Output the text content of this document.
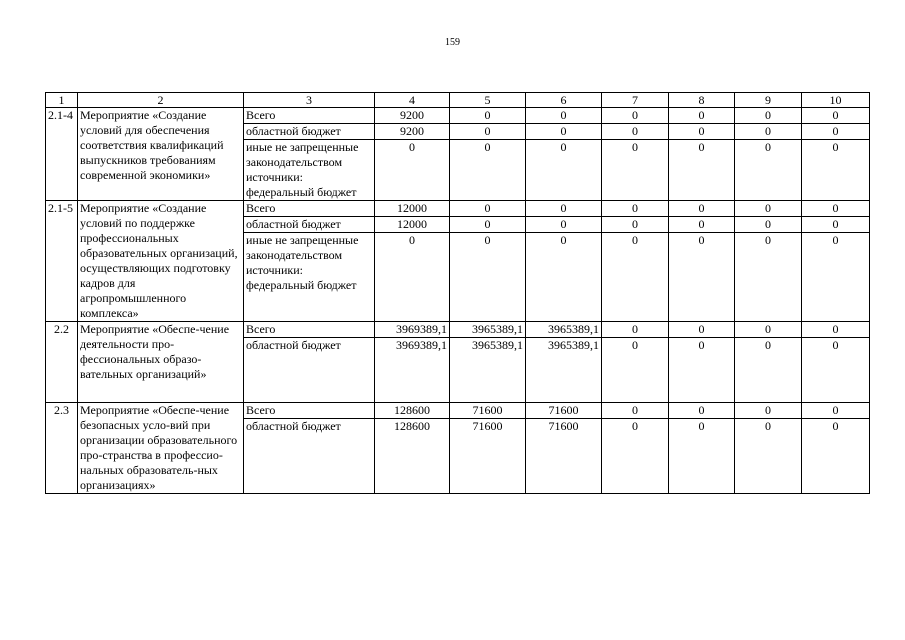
159
1	2	3	4	5	6	7	8	9	10
2.1-4	Мероприятие «Создание условий для обеспечения соответствия квалификаций выпускников требованиям современной экономики»	Всего	9200	0	0	0	0	0	0
		областной бюджет	9200	0	0	0	0	0	0
		иные не запрещенные законодательством источники: федеральный бюджет	0	0	0	0	0	0	0
2.1-5	Мероприятие «Создание условий по поддержке профессиональных образовательных организаций, осуществляющих подготовку кадров для агропромышленного комплекса»	Всего	12000	0	0	0	0	0	0
		областной бюджет	12000	0	0	0	0	0	0
		иные не запрещенные законодательством источники: федеральный бюджет	0	0	0	0	0	0	0
2.2	Мероприятие «Обеспе-чение деятельности про-фессиональных образо-вательных организаций»	Всего	3969389,1	3965389,1	3965389,1	0	0	0	0
		областной бюджет	3969389,1	3965389,1	3965389,1	0	0	0	0
2.3	Мероприятие «Обеспе-чение безопасных усло-вий при организации образовательного про-странства в профессио-нальных образователь-ных организациях»	Всего	128600	71600	71600	0	0	0	0
		областной бюджет	128600	71600	71600	0	0	0	0
